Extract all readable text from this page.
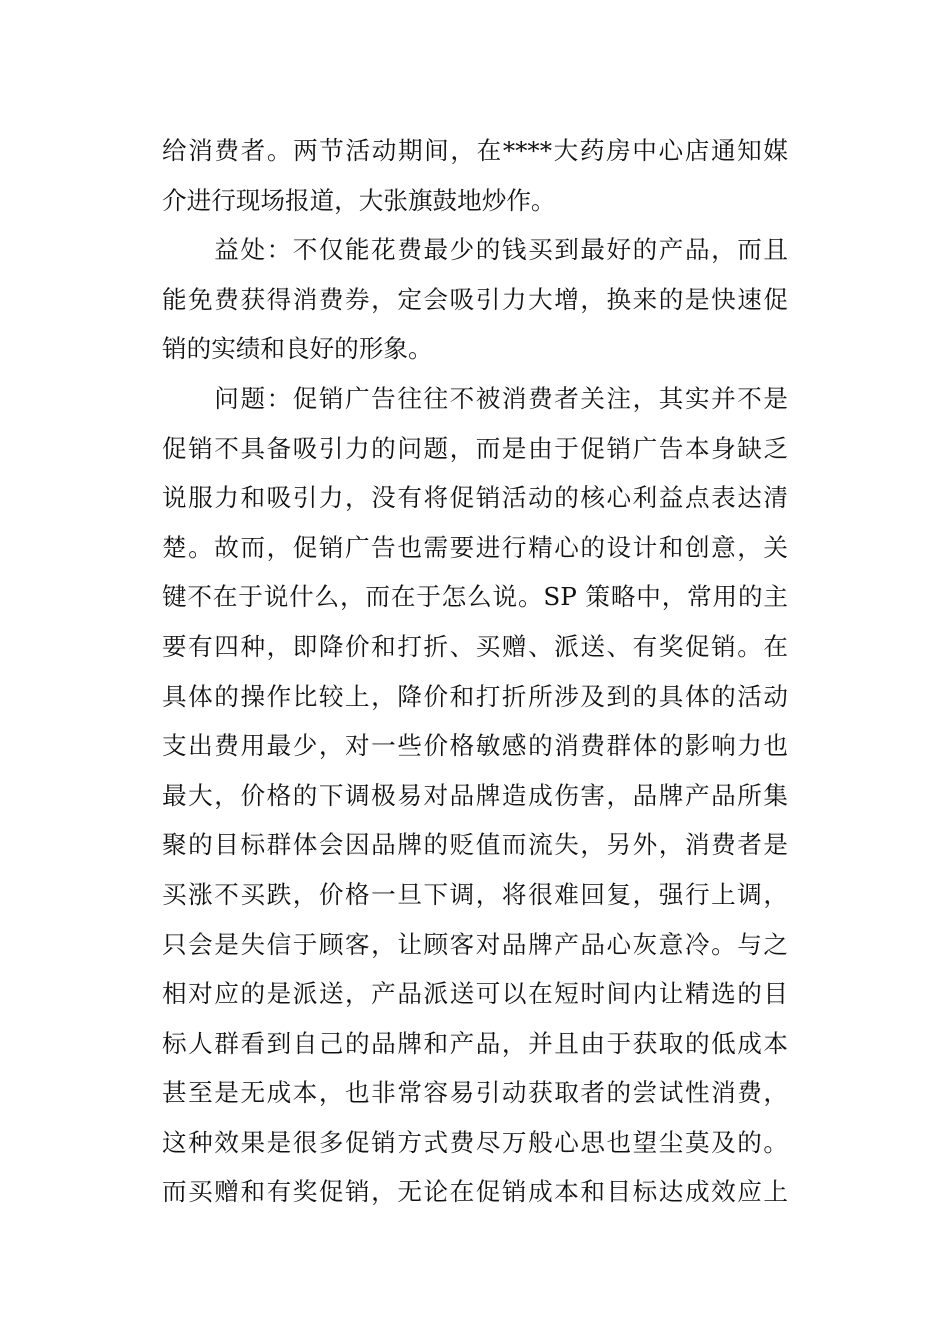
给消费者。两节活动期间，在****大药房中心店通知媒
介进行现场报道，大张旗鼓地炒作。
　　益处：不仅能花费最少的钱买到最好的产品，而且
能免费获得消费券，定会吸引力大增，换来的是快速促
销的实绩和良好的形象。
　　问题：促销广告往往不被消费者关注，其实并不是
促销不具备吸引力的问题，而是由于促销广告本身缺乏
说服力和吸引力，没有将促销活动的核心利益点表达清
楚。故而，促销广告也需要进行精心的设计和创意，关
键不在于说什么，而在于怎么说。SP 策略中，常用的主
要有四种，即降价和打折、买赠、派送、有奖促销。在
具体的操作比较上，降价和打折所涉及到的具体的活动
支出费用最少，对一些价格敏感的消费群体的影响力也
最大，价格的下调极易对品牌造成伤害，品牌产品所集
聚的目标群体会因品牌的贬值而流失，另外，消费者是
买涨不买跌，价格一旦下调，将很难回复，强行上调，
只会是失信于顾客，让顾客对品牌产品心灰意冷。与之
相对应的是派送，产品派送可以在短时间内让精选的目
标人群看到自己的品牌和产品，并且由于获取的低成本
甚至是无成本，也非常容易引动获取者的尝试性消费，
这种效果是很多促销方式费尽万般心思也望尘莫及的。
而买赠和有奖促销，无论在促销成本和目标达成效应上
